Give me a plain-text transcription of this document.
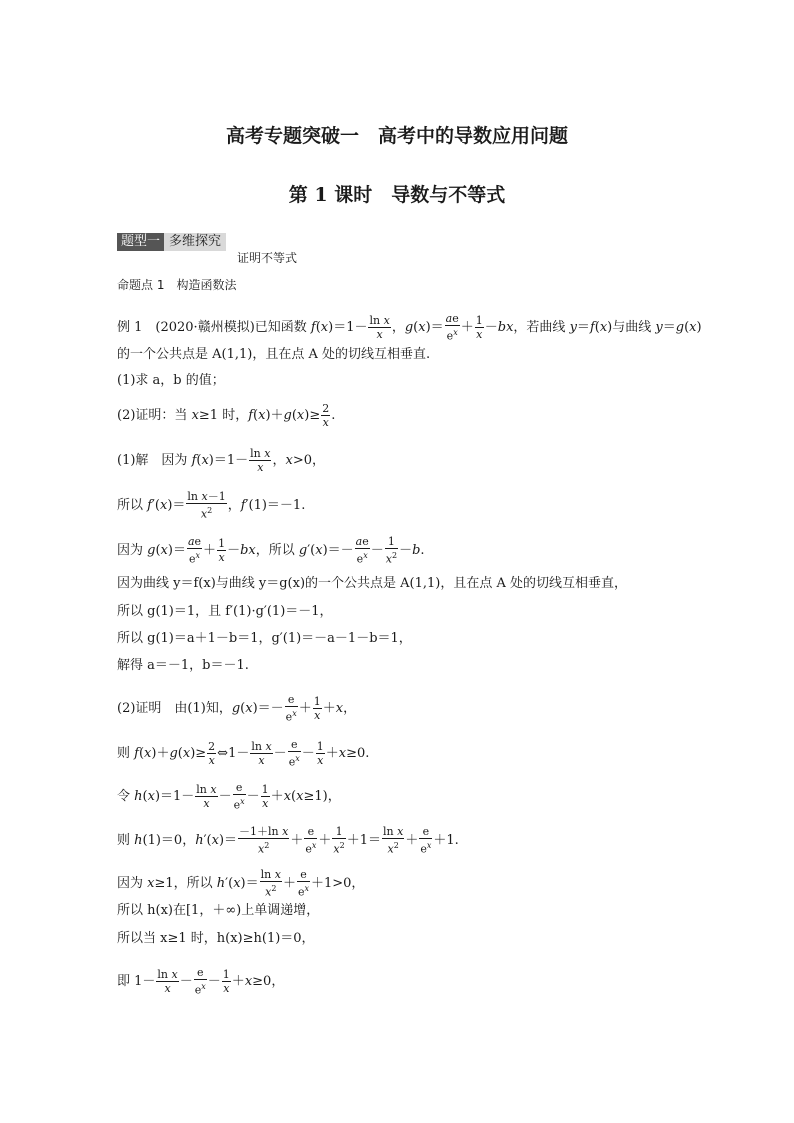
高考专题突破一　高考中的导数应用问题
第 1 课时　导数与不等式
题型一 多维探究
证明不等式
命题点 1　构造函数法
例 1　(2020·赣州模拟)已知函数 $f(x)=1- \frac{\text{ln x}}{x}$ ，$g(x)= \frac{ae}{e^x} + \frac{1}{x} -bx$，若曲线 y＝f(x)与曲线 y＝g(x)
的一个公共点是 A(1,1)，且在点 A 处的切线互相垂直.
(1)求 a，b 的值；
(2)证明：当 x≥1 时，$f(x)+g(x)\ge \frac{2}{x}$ .
(1)解　因为 $f(x)=1- \frac{\text{ln x}}{x}$ ，x>0，
所以 $f'(x)= \frac{\text{ln x－1}}{x^2}$ ，f′(1)＝－1.
因为 $g(x)= \frac{ae}{e^x} + \frac{1}{x} -bx$，所以 $g'(x)=- \frac{ae}{e^x} - \frac{1}{x^2} -b$.
因为曲线 y＝f(x)与曲线 y＝g(x)的一个公共点是 A(1,1)，且在点 A 处的切线互相垂直，
所以 g(1)＝1，且 f′(1)·g′(1)＝－1，
所以 g(1)＝a＋1－b＝1，g′(1)＝－a－1－b＝1，
解得 a＝－1，b＝－1.
(2)证明　由(1)知，$g(x)=- \frac{e}{e^x} + \frac{1}{x} +x$，
则 $f(x)+g(x)\ge \frac{2}{x}$ ⇔1－ $\frac{\text{ln x}}{x} - \frac{e}{e^x} - \frac{1}{x} +x\ge 0$.
令 $h(x)=1- \frac{\text{ln x}}{x} - \frac{e}{e^x} - \frac{1}{x} +x(x\ge 1)$，
则 h(1)＝0，$h'(x)= \frac{\text{－1＋ln x}}{x^2} + \frac{e}{e^x} + \frac{1}{x^2} +1= \frac{\text{ln x}}{x^2} + \frac{e}{e^x} +1$.
因为 x≥1，所以 $h'(x)= \frac{\text{ln x}}{x^2} + \frac{e}{e^x} +1>0$，
所以 h(x)在[1，＋∞)上单调递增，
所以当 x≥1 时，h(x)≥h(1)＝0，
即 $1- \frac{\text{ln x}}{x} - \frac{e}{e^x} - \frac{1}{x} +x\ge 0$，
